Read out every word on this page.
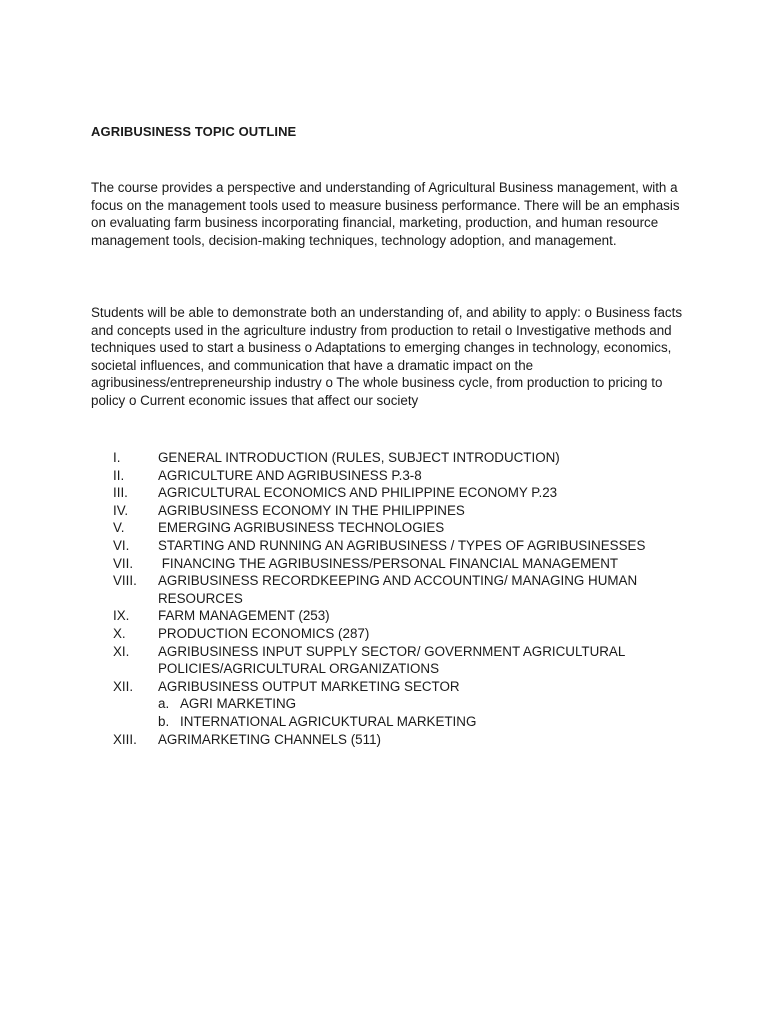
AGRIBUSINESS TOPIC OUTLINE

The course provides a perspective and understanding of Agricultural Business management, with a focus on the management tools used to measure business performance. There will be an emphasis on evaluating farm business incorporating financial, marketing, production, and human resource management tools, decision-making techniques, technology adoption, and management.

Students will be able to demonstrate both an understanding of, and ability to apply: o Business facts and concepts used in the agriculture industry from production to retail o Investigative methods and techniques used to start a business o Adaptations to emerging changes in technology, economics, societal influences, and communication that have a dramatic impact on the agribusiness/entrepreneurship industry o The whole business cycle, from production to pricing to policy o Current economic issues that affect our society

I.	GENERAL INTRODUCTION (RULES, SUBJECT INTRODUCTION)
II.	AGRICULTURE AND AGRIBUSINESS P.3-8
III. AGRICULTURAL ECONOMICS AND PHILIPPINE ECONOMY P.23
IV. AGRIBUSINESS ECONOMY IN THE PHILIPPINES
V.	EMERGING AGRIBUSINESS TECHNOLOGIES
VI. STARTING AND RUNNING AN AGRIBUSINESS / TYPES OF AGRIBUSINESSES
VII. FINANCING THE AGRIBUSINESS/PERSONAL FINANCIAL MANAGEMENT
VIII. AGRIBUSINESS RECORDKEEPING AND ACCOUNTING/ MANAGING HUMAN RESOURCES
IX. FARM MANAGEMENT (253)
X. PRODUCTION ECONOMICS (287)
XI. AGRIBUSINESS INPUT SUPPLY SECTOR/ GOVERNMENT AGRICULTURAL POLICIES/AGRICULTURAL ORGANIZATIONS
XII. AGRIBUSINESS OUTPUT MARKETING SECTOR
a. AGRI MARKETING
b. INTERNATIONAL AGRICUKTURAL MARKETING
XIII. AGRIMARKETING CHANNELS (511)
